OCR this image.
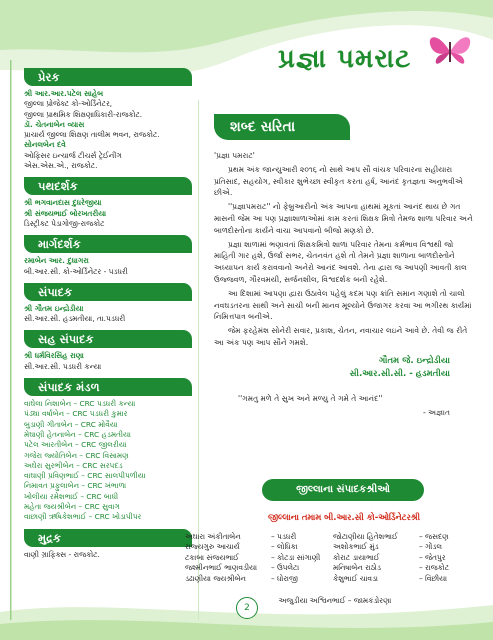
પ્રજ્ઞા પમરાટ
પ્રેરક
શ્રી આર.આર.પટેલ સાહેબ
જીલ્લા પ્રોજેક્ટ કો-ઓર્ડિનેટર,
જીલ્લા પ્રાથમિક શિક્ષણાધિકારી-રાજકોટ.
ડૉ. ચેતનાબેન વ્યાસ
પ્રાચાર્ય જીલ્લા શિક્ષણ તાલીમ ભવન, રાજકોટ.
સોનલબેન દવે
ઓફિસર ઇન્ચાર્જ ટીચર્સ ટ્રેઈનીંગ
એસ.એસ.એ., રાજકોટ.
પથદર્શક
શ્રી ભગવાનદાસ દુધરેજીયા
શ્રી સંજયભાઈ બોરખતરીયા
ડિસ્ટ્રીક્ટ પેડાગોજી-રાજકોટ
માર્ગદર્શક
રમાબેન આર. દુધાગરા
બી.આર.સી. કો-ઓર્ડિનેટર - પડધરી
સંપાદક
શ્રી ગૌતમ ઇન્દ્રોડીયા
સી.આર.સી. હડમતીયા, તા.પડધરી
સહ સંપાદક
શ્રી ધર્મવિરસિંહ રાણા
સી.આર.સી. પડધરી કન્યા
સંપાદક મંડળ
વાઘેલા નિશાબેન – CRC પડધરી કન્યા
પંડ્યા વર્ષાબેન – CRC પડધરી કુમાર
બુડાણી ગીતાબેન – CRC મોવૈયા
મેઘાણી હેતનાબેન – CRC હડમતીયા
પટેલ આરતીબેન – CRC જીલરીયા
ગજેરા જ્યોતિબેન – CRC વિસામણ
અઘેરા સુરભીબેન – CRC સરપદડ
વાઘાણી પ્રવિણભાઈ – CRC સાલપીપળીયા
નિમાવત પ્રફુલાબેન – CRC ખંભાળા
ખોલીયા રમેશભાઈ – CRC બાધી
મહેતા જયશ્રીબેન – CRC સુવાગ
વાછાણી ઋષિકેશભાઈ – CRC ખોડાપીપર
મુદ્રક
વાણી ગ્રાફિક્સ - રાજકોટ.
શબ્દ સરિતા

'પ્રજ્ઞા પમરાટ'

પ્રથમ અંક જાન્યુઆરી ૨૦૧૬ નો સાથે આપ સૌ વાંચક પરિવારના સહીયારા પ્રતિસાદ, સહયોગ, સ્વીકાર શુભેચ્છા સ્વીકૃત કરતા હર્ષ, આનંદ કૃતજ્ઞતા અનુભવીએ છીએ.

''પ્રજ્ઞાપમરાટ'' નો ફેબ્રુઆરીનો અંક આપના હાથમાં મૂકતાં આનંદ થાય છે ગત માસની જેમ આ પણ પ્રજ્ઞાશાળાઓમાં કામ કરતાં શિક્ષક મિત્રો તેમજ શાળા પરિવાર અને બાળદોસ્તોના કાર્યને વાચા આપવાનો બીજો મણકો છે.

પ્રજ્ઞા શાળામાં ભણાવતાં શિક્ષકમિત્રો શાળા પરિવાર તેમના કર્મભાવ વિશ્વથી જો માહિતી ગાર હશે, ઉર્જા સભર, ચેતનવંત હશે તો તેમને પ્રજ્ઞા શાળાના બાળદોસ્તોને અધ્યાપન કાર્ય કરાવવાનો અનેરો આનંદ આવશે. તેના દ્વારા જ આપણી આવતી કાલ ઉજ્જવળ, ગૌરવમયી, સર્જનશીલ, વિશ્વદર્શક બની રહેશે.

આ દિશામાં આપણા દ્વારા ઉઠાવેલ પહેલું કદમ પણ ક્રાંતિ સમાન ગણાશે તો ચાલો નવઘડતરના સાથી અને સાચી બની માનવ મૂલ્યોને ઉજાગર કરવા આ ભગીરથ કાર્યમાં નિમિત્તપાત્ર બનીએ.

જેમ ફરહેમંશ સોનેરી સવાર, પ્રકાશ, ચેતન, નવાચાર લઇને આવે છે. તેવી જ રીતે આ અંક પણ આપ સૌને ગમશે.

ગૌતમ જે. ઇન્દ્રોડીયા
સી.આર.સી.સી. - હડમતીયા
''ગમતુ મળે તે સુખ અને મળ્યુ તે ગમે તે આનંદ''
- અજ્ઞાત
જીલ્લાના સંપાદકશ્રીઓ
જીલ્લાના તમામ બી.આર.સી કો-ઓર્ડિનેટરશ્રી
અઘારા અંકીતાબેન	– પડધરી	જોટાણીયા હિતેશભાઈ	– જસદણ
રાજ્યગુરુ આચાર્ય	– લોધિકા	અશોકભાઈ મુંડ	– ગોંડલ
ટકાબા સંજયભાઈ	– કોટડા સાંગાણી	કોરાટ ડાયાભાઈ	– જેતપુર
જશ્મીનભાઈ ભાણવડીયા	– ઉપલેટા	મનિષાબેન રાઠોડ	– રાજકોટ
ડઢાણીયા જયશ્રીબેન	– ધોરાજી	કેશુભાઈ ચાવડા	– વિંછીયા
અજુડીયા અશ્વિનભાઈ – જામકંડોરણા
2
